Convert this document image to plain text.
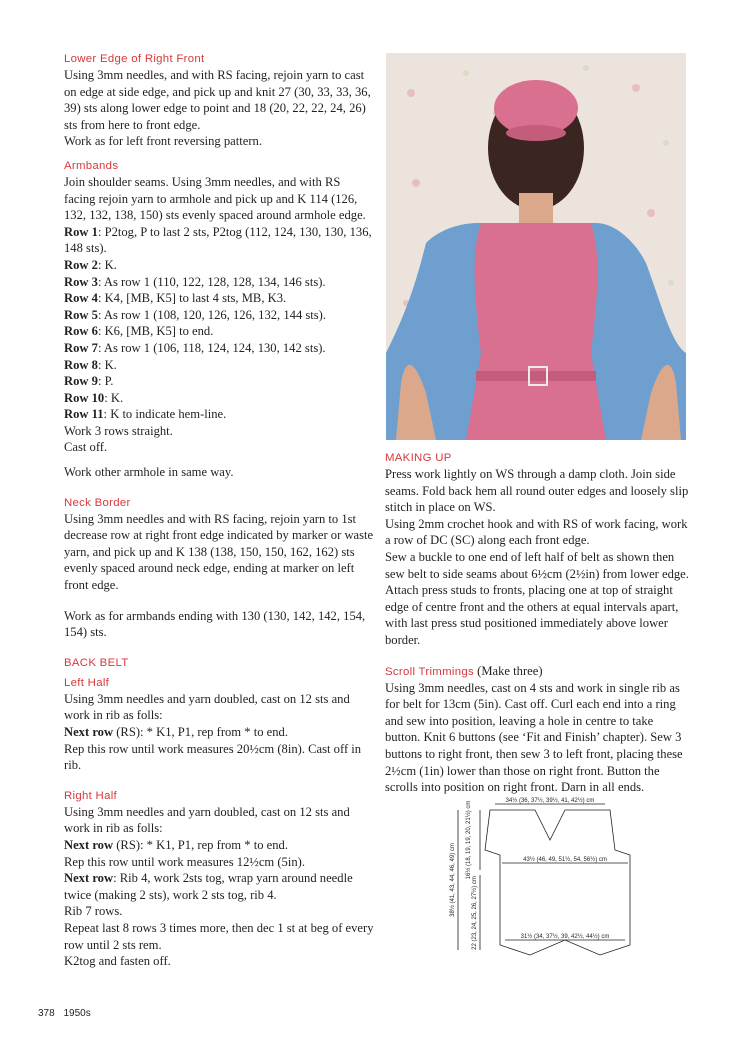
Lower Edge of Right Front

Using 3mm needles, and with RS facing, rejoin yarn to cast on edge at side edge, and pick up and knit 27 (30, 33, 33, 36, 39) sts along lower edge to point and 18 (20, 22, 22, 24, 26) sts from here to front edge.

Work as for left front reversing pattern.

Armbands

Join shoulder seams. Using 3mm needles, and with RS facing rejoin yarn to armhole and pick up and K 114 (126, 132, 132, 138, 150) sts evenly spaced around armhole edge.

Row 1: P2tog, P to last 2 sts, P2tog (112, 124, 130, 130, 136, 148 sts).

Row 2: K.

Row 3: As row 1 (110, 122, 128, 128, 134, 146 sts).

Row 4: K4, [MB, K5] to last 4 sts, MB, K3.

Row 5: As row 1 (108, 120, 126, 126, 132, 144 sts).

Row 6: K6, [MB, K5] to end.

Row 7: As row 1 (106, 118, 124, 124, 130, 142 sts).

Row 8: K.

Row 9: P.

Row 10: K.

Row 11: K to indicate hem-line.

Work 3 rows straight.

Cast off.

Work other armhole in same way.

Neck Border

Using 3mm needles and with RS facing, rejoin yarn to 1st decrease row at right front edge indicated by marker or waste yarn, and pick up and K 138 (138, 150, 150, 162, 162) sts evenly spaced around neck edge, ending at marker on left front edge.

Work as for armbands ending with 130 (130, 142, 142, 154, 154) sts.

BACK BELT

Left Half

Using 3mm needles and yarn doubled, cast on 12 sts and work in rib as folls:

Next row (RS): * K1, P1, rep from * to end.

Rep this row until work measures 20½cm (8in). Cast off in rib.

Right Half

Using 3mm needles and yarn doubled, cast on 12 sts and work in rib as folls:

Next row (RS): * K1, P1, rep from * to end.

Rep this row until work measures 12½cm (5in).

Next row: Rib 4, work 2sts tog, wrap yarn around needle twice (making 2 sts), work 2 sts tog, rib 4.

Rib 7 rows.

Repeat last 8 rows 3 times more, then dec 1 st at beg of every row until 2 sts rem.

K2tog and fasten off.

MAKING UP

Press work lightly on WS through a damp cloth. Join side seams. Fold back hem all round outer edges and loosely slip stitch in place on WS.

Using 2mm crochet hook and with RS of work facing, work a row of DC (SC) along each front edge.

Sew a buckle to one end of left half of belt as shown then sew belt to side seams about 6½cm (2½in) from lower edge.

Attach press studs to fronts, placing one at top of straight edge of centre front and the others at equal intervals apart, with last press stud positioned immediately above lower border.

Scroll Trimmings (Make three)

Using 3mm needles, cast on 4 sts and work in single rib as for belt for 13cm (5in). Cast off. Curl each end into a ring and sew into position, leaving a hole in centre to take button. Knit 6 buttons (see ‘Fit and Finish’ chapter). Sew 3 buttons to right front, then sew 3 to left front, placing these 2½cm (1in) lower than those on right front. Button the scrolls into position on right front. Darn in all ends.

34½ (36, 37½, 39½, 41, 42½) cm
43½ (46, 49, 51½, 54, 56½) cm
31½ (34, 37½, 39, 42½, 44½) cm
38½ (41, 43, 44, 46, 49) cm
16½ (18, 19, 19, 20, 21½) cm
22 (23, 24, 25, 26, 27½) cm
378 1950s
